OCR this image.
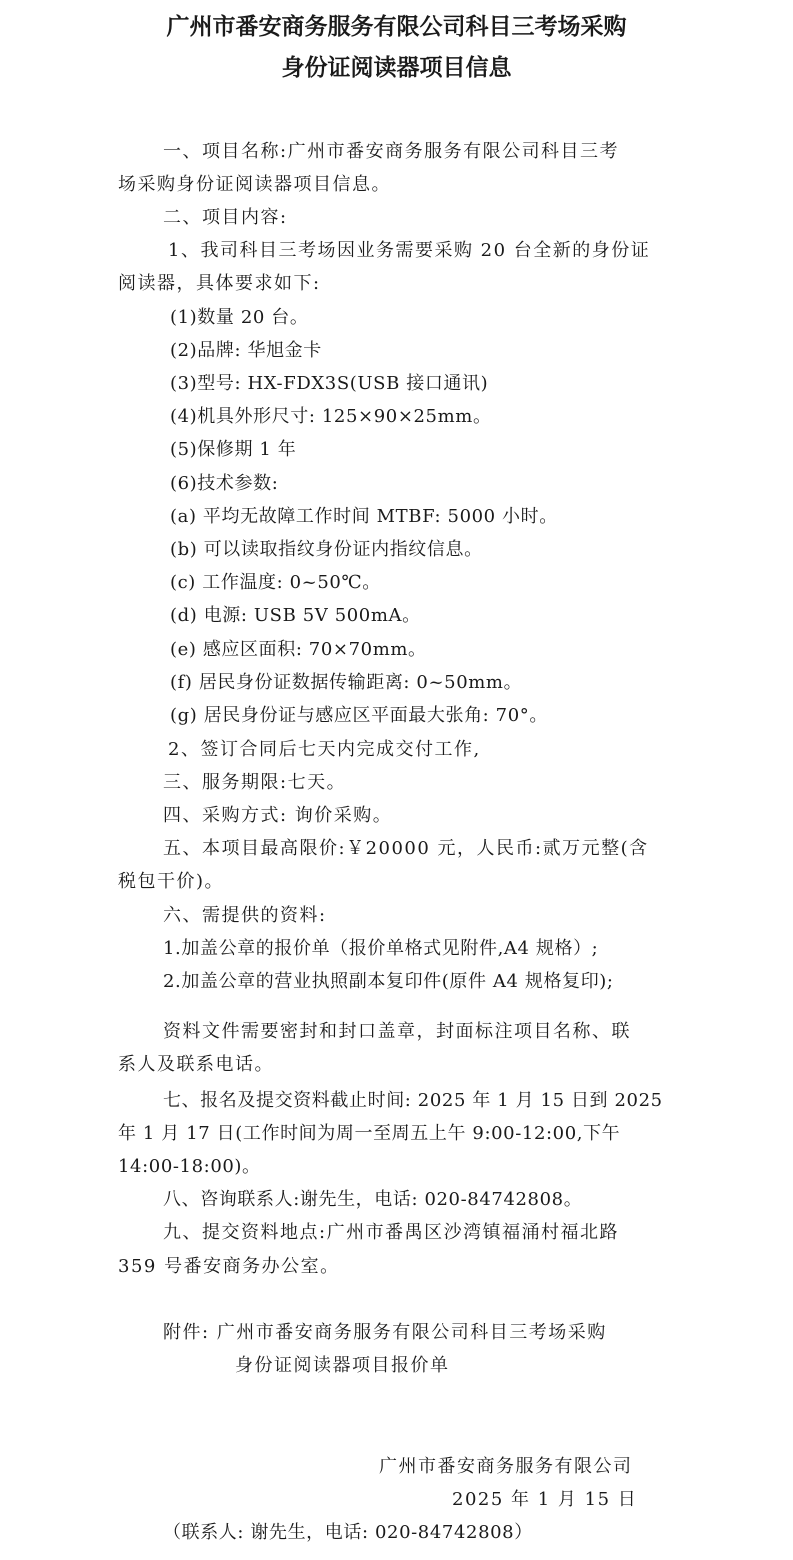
广州市番安商务服务有限公司科目三考场采购
身份证阅读器项目信息
一、项目名称:广州市番安商务服务有限公司科目三考
场采购身份证阅读器项目信息。
二、项目内容:
1、我司科目三考场因业务需要采购 20 台全新的身份证
阅读器，具体要求如下:
(1)数量 20 台。
(2)品牌: 华旭金卡
(3)型号: HX-FDX3S(USB 接口通讯)
(4)机具外形尺寸: 125×90×25mm。
(5)保修期 1 年
(6)技术参数:
(a) 平均无故障工作时间 MTBF: 5000 小时。
(b) 可以读取指纹身份证内指纹信息。
(c) 工作温度: 0~50℃。
(d) 电源: USB 5V 500mA。
(e) 感应区面积: 70×70mm。
(f) 居民身份证数据传输距离: 0~50mm。
(g) 居民身份证与感应区平面最大张角: 70°。
2、签订合同后七天内完成交付工作,
三、服务期限:七天。
四、采购方式: 询价采购。
五、本项目最高限价:￥20000 元，人民币:贰万元整(含
税包干价)。
六、需提供的资料:
1.加盖公章的报价单（报价单格式见附件,A4 规格）;
2.加盖公章的营业执照副本复印件(原件 A4 规格复印);
资料文件需要密封和封口盖章，封面标注项目名称、联
系人及联系电话。
七、报名及提交资料截止时间: 2025 年 1 月 15 日到 2025
年 1 月 17 日(工作时间为周一至周五上午 9:00-12:00,下午
14:00-18:00)。
八、咨询联系人:谢先生，电话: 020-84742808。
九、提交资料地点:广州市番禺区沙湾镇福涌村福北路
359 号番安商务办公室。
附件: 广州市番安商务服务有限公司科目三考场采购
身份证阅读器项目报价单
广州市番安商务服务有限公司
2025 年 1 月 15 日
（联系人: 谢先生，电话: 020-84742808）
